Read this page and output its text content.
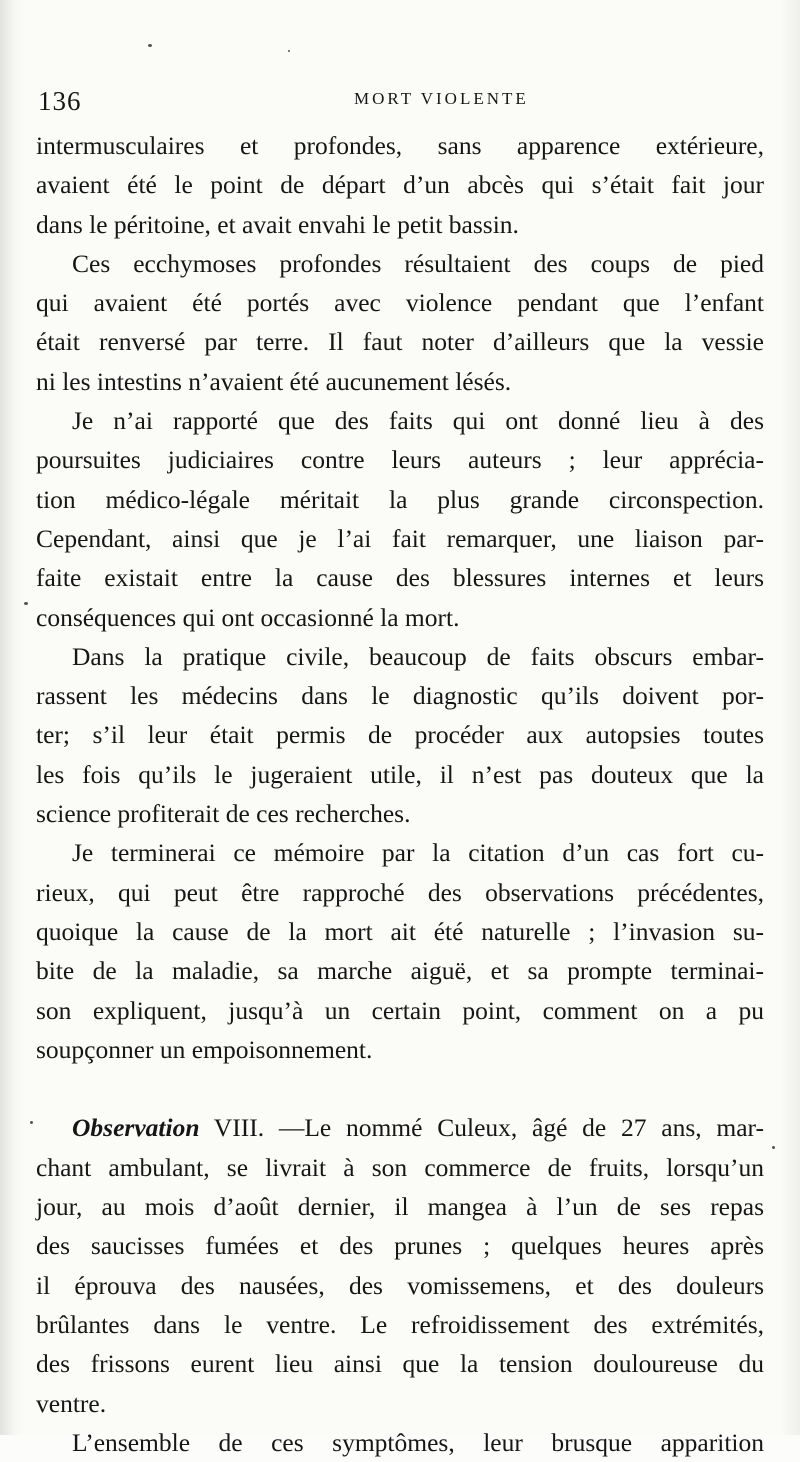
136	MORT VIOLENTE
intermusculaires et profondes, sans apparence extérieure,
avaient été le point de départ d’un abcès qui s’était fait jour
dans le péritoine, et avait envahi le petit bassin.
Ces ecchymoses profondes résultaient des coups de pied
qui avaient été portés avec violence pendant que l’enfant
était renversé par terre. Il faut noter d’ailleurs que la vessie
ni les intestins n’avaient été aucunement lésés.
Je n’ai rapporté que des faits qui ont donné lieu à des
poursuites judiciaires contre leurs auteurs ; leur apprécia-
tion médico-légale méritait la plus grande circonspection.
Cependant, ainsi que je l’ai fait remarquer, une liaison par-
faite existait entre la cause des blessures internes et leurs
conséquences qui ont occasionné la mort.
Dans la pratique civile, beaucoup de faits obscurs embar-
rassent les médecins dans le diagnostic qu’ils doivent por-
ter; s’il leur était permis de procéder aux autopsies toutes
les fois qu’ils le jugeraient utile, il n’est pas douteux que la
science profiterait de ces recherches.
Je terminerai ce mémoire par la citation d’un cas fort cu-
rieux, qui peut être rapproché des observations précédentes,
quoique la cause de la mort ait été naturelle ; l’invasion su-
bite de la maladie, sa marche aiguë, et sa prompte terminai-
son expliquent, jusqu’à un certain point, comment on a pu
soupçonner un empoisonnement.
Observation VIII. —Le nommé Culeux, âgé de 27 ans, mar-
chant ambulant, se livrait à son commerce de fruits, lorsqu’un
jour, au mois d’août dernier, il mangea à l’un de ses repas
des saucisses fumées et des prunes ; quelques heures après
il éprouva des nausées, des vomissemens, et des douleurs
brûlantes dans le ventre. Le refroidissement des extrémités,
des frissons eurent lieu ainsi que la tension douloureuse du
ventre.
L’ensemble de ces symptômes, leur brusque apparition
